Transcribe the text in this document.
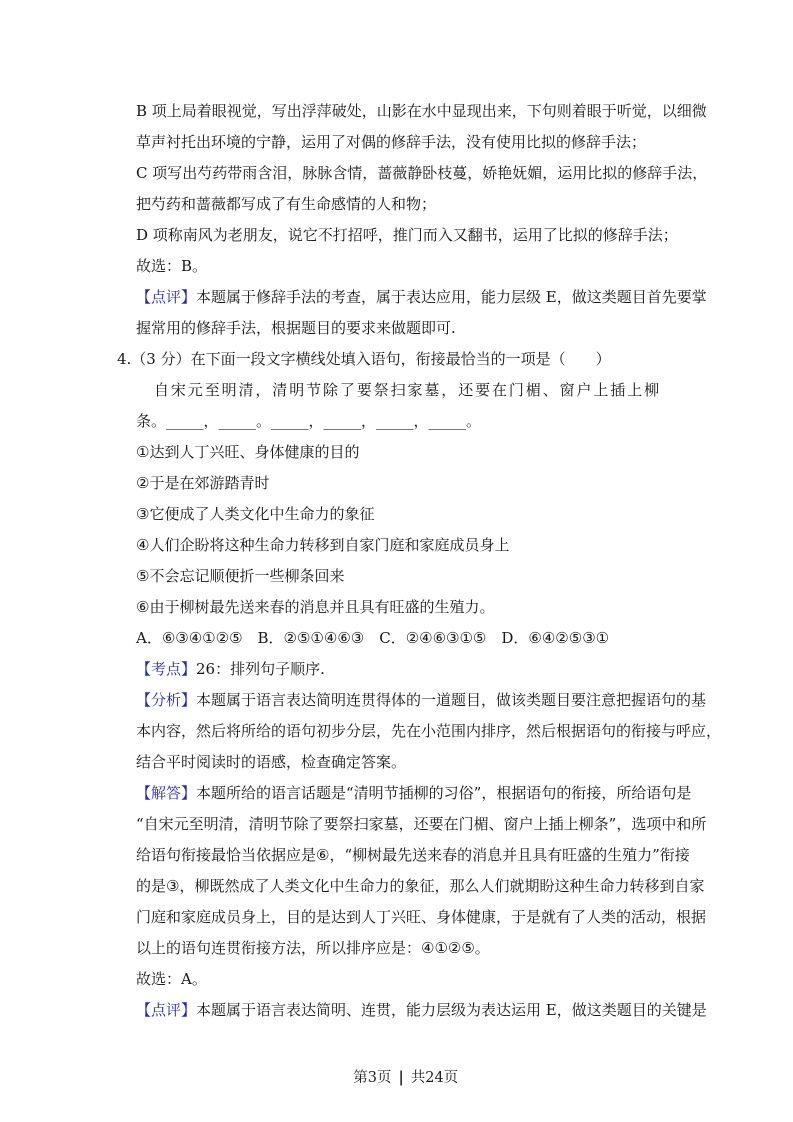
B 项上局着眼视觉，写出浮萍破处，山影在水中显现出来，下句则着眼于听觉，以细微
草声衬托出环境的宁静，运用了对偶的修辞手法，没有使用比拟的修辞手法；
C 项写出芍药带雨含泪，脉脉含情，蔷薇静卧枝蔓，娇艳妩媚，运用比拟的修辞手法，
把芍药和蔷薇都写成了有生命感情的人和物；
D 项称南风为老朋友，说它不打招呼，推门而入又翻书，运用了比拟的修辞手法；
故选：B。
【点评】本题属于修辞手法的考查，属于表达应用，能力层级 E，做这类题目首先要掌
握常用的修辞手法，根据题目的要求来做题即可.
4.（3 分）在下面一段文字横线处填入语句，衔接最恰当的一项是（　　）
自宋元至明清，清明节除了要祭扫家墓，还要在门楣、窗户上插上柳
条。_____，_____。_____，_____，_____，_____。
①达到人丁兴旺、身体健康的目的
②于是在郊游踏青时
③它便成了人类文化中生命力的象征
④人们企盼将这种生命力转移到自家门庭和家庭成员身上
⑤不会忘记顺便折一些柳条回来
⑥由于柳树最先送来春的消息并且具有旺盛的生殖力。
A．⑥③④①②⑤　B．②⑤①④⑥③　C．②④⑥③①⑤　D．⑥④②⑤③①
【考点】26：排列句子顺序.
【分析】本题属于语言表达简明连贯得体的一道题目，做该类题目要注意把握语句的基
本内容，然后将所给的语句初步分层，先在小范围内排序，然后根据语句的衔接与呼应，
结合平时阅读时的语感，检查确定答案。
【解答】本题所给的语言话题是“清明节插柳的习俗”，根据语句的衔接，所给语句是
“自宋元至明清，清明节除了要祭扫家墓，还要在门楣、窗户上插上柳条”，选项中和所
给语句衔接最恰当依据应是⑥，“柳树最先送来春的消息并且具有旺盛的生殖力”衔接
的是③，柳既然成了人类文化中生命力的象征，那么人们就期盼这种生命力转移到自家
门庭和家庭成员身上，目的是达到人丁兴旺、身体健康，于是就有了人类的活动，根据
以上的语句连贯衔接方法，所以排序应是：④①②⑤。
故选：A。
【点评】本题属于语言表达简明、连贯，能力层级为表达运用 E，做这类题目的关键是

第3页 | 共24页
